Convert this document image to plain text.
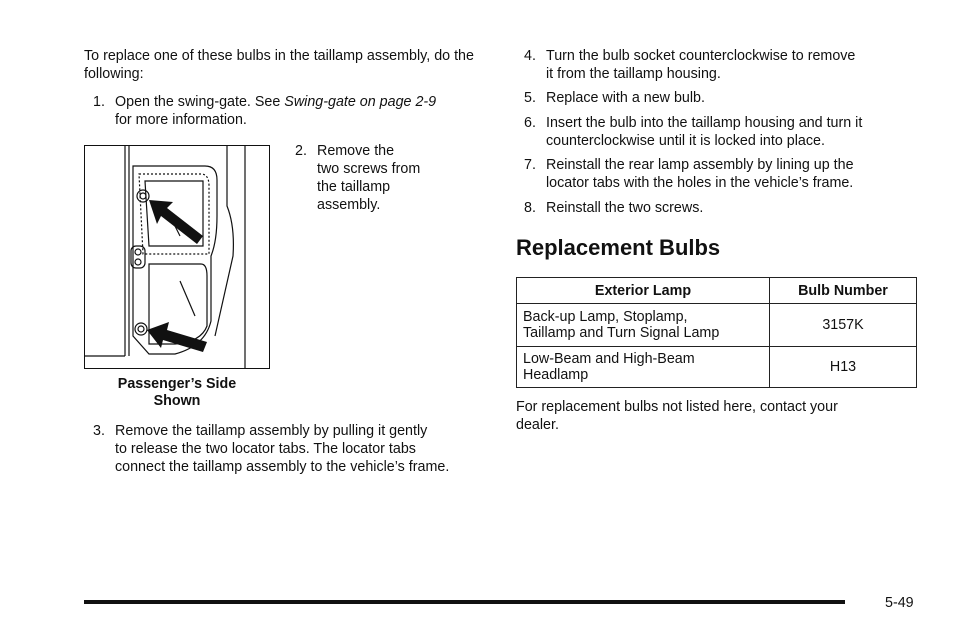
To replace one of these bulbs in the taillamp assembly, do the following:

1. Open the swing-gate. See Swing-gate on page 2-9
for more information.
2. Remove the
two screws from
the taillamp
assembly.
Passenger’s Side
Shown
3. Remove the taillamp assembly by pulling it gently
to release the two locator tabs. The locator tabs
connect the taillamp assembly to the vehicle’s frame.
4. Turn the bulb socket counterclockwise to remove
it from the taillamp housing.
5. Replace with a new bulb.
6. Insert the bulb into the taillamp housing and turn it
counterclockwise until it is locked into place.
7. Reinstall the rear lamp assembly by lining up the
locator tabs with the holes in the vehicle’s frame.
8. Reinstall the two screws.
Replacement Bulbs
Exterior Lamp	Bulb Number
Back-up Lamp, Stoplamp,
Taillamp and Turn Signal Lamp	3157K
Low-Beam and High-Beam
Headlamp	H13

For replacement bulbs not listed here, contact your
dealer.

5-49
